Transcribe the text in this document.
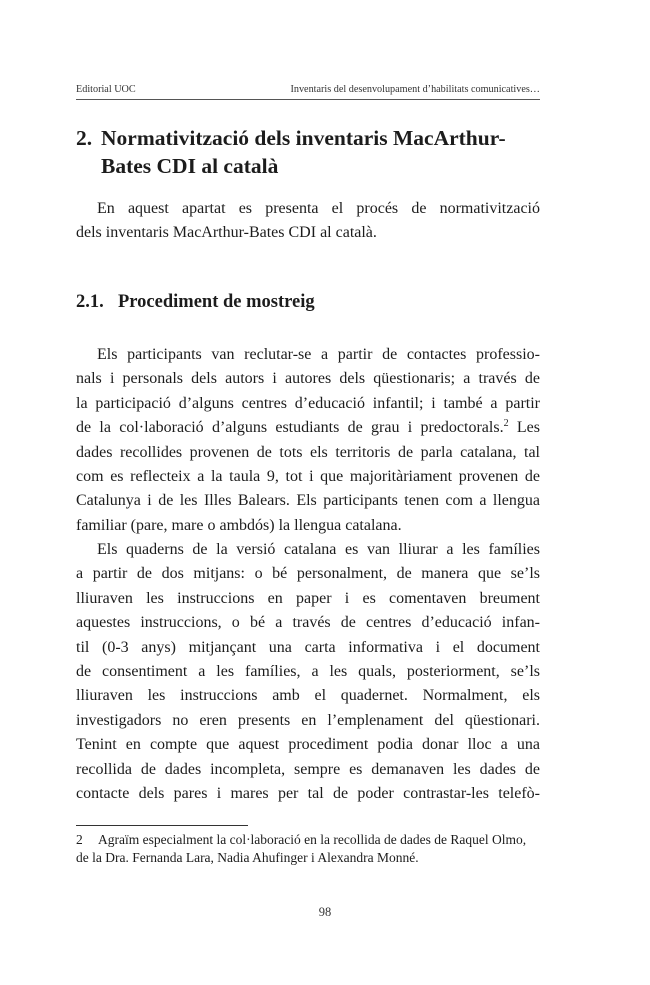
Editorial UOC	Inventaris del desenvolupament d’habilitats comunicatives…
2. Normativització dels inventaris MacArthur-
Bates CDI al català
En aquest apartat es presenta el procés de normativització
dels inventaris MacArthur-Bates CDI al català.
2.1. Procediment de mostreig
Els participants van reclutar-se a partir de contactes professio-
nals i personals dels autors i autores dels qüestionaris; a través de
la participació d’alguns centres d’educació infantil; i també a partir
de la col·laboració d’alguns estudiants de grau i predoctorals.$^2$ Les
dades recollides provenen de tots els territoris de parla catalana, tal
com es reflecteix a la taula 9, tot i que majoritàriament provenen de
Catalunya i de les Illes Balears. Els participants tenen com a llengua
familiar (pare, mare o ambdós) la llengua catalana.
Els quaderns de la versió catalana es van lliurar a les famílies
a partir de dos mitjans: o bé personalment, de manera que se’ls
lliuraven les instruccions en paper i es comentaven breument
aquestes instruccions, o bé a través de centres d’educació infan-
til (0-3 anys) mitjançant una carta informativa i el document
de consentiment a les famílies, a les quals, posteriorment, se’ls
lliuraven les instruccions amb el quadernet. Normalment, els
investigadors no eren presents en l’emplenament del qüestionari.
Tenint en compte que aquest procediment podia donar lloc a una
recollida de dades incompleta, sempre es demanaven les dades de
contacte dels pares i mares per tal de poder contrastar-les telefò-
2 Agraïm especialment la col·laboració en la recollida de dades de Raquel Olmo,
de la Dra. Fernanda Lara, Nadia Ahufinger i Alexandra Monné.
98
